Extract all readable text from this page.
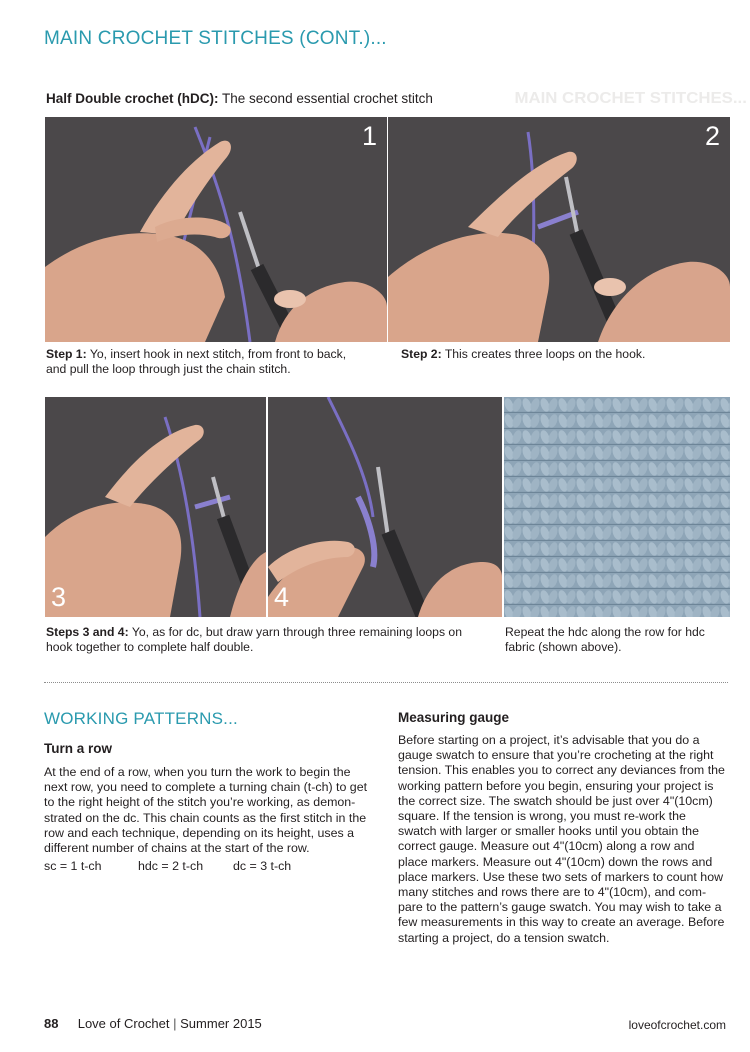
MAIN CROCHET STITCHES (CONT.)...
MAIN CROCHET STITCHES...
Half Double crochet (hDC): The second essential crochet stitch
1	2
Step 1: Yo, insert hook in next stitch, from front to back,
and pull the loop through just the chain stitch.
Step 2: This creates three loops on the hook.
3	4
Steps 3 and 4: Yo, as for dc, but draw yarn through three remaining loops on
hook together to complete half double.
Repeat the hdc along the row for hdc
fabric (shown above).
WORKING PATTERNS...
Turn a row
At the end of a row, when you turn the work to begin the
next row, you need to complete a turning chain (t-ch) to get
to the right height of the stitch you’re working, as demon-
strated on the dc. This chain counts as the first stitch in the
row and each technique, depending on its height, uses a
different number of chains at the start of the row.
sc = 1 t-ch	hdc = 2 t-ch dc = 3 t-ch
Measuring gauge
Before starting on a project, it’s advisable that you do a
gauge swatch to ensure that you’re crocheting at the right
tension. This enables you to correct any deviances from the
working pattern before you begin, ensuring your project is
the correct size. The swatch should be just over 4"(10cm)
square. If the tension is wrong, you must re-work the
swatch with larger or smaller hooks until you obtain the
correct gauge. Measure out 4"(10cm) along a row and
place markers. Measure out 4"(10cm) down the rows and
place markers. Use these two sets of markers to count how
many stitches and rows there are to 4"(10cm), and com-
pare to the pattern’s gauge swatch. You may wish to take a
few measurements in this way to create an average. Before
starting a project, do a tension swatch.
88 Love of Crochet | Summer 2015	loveofcrochet.com
